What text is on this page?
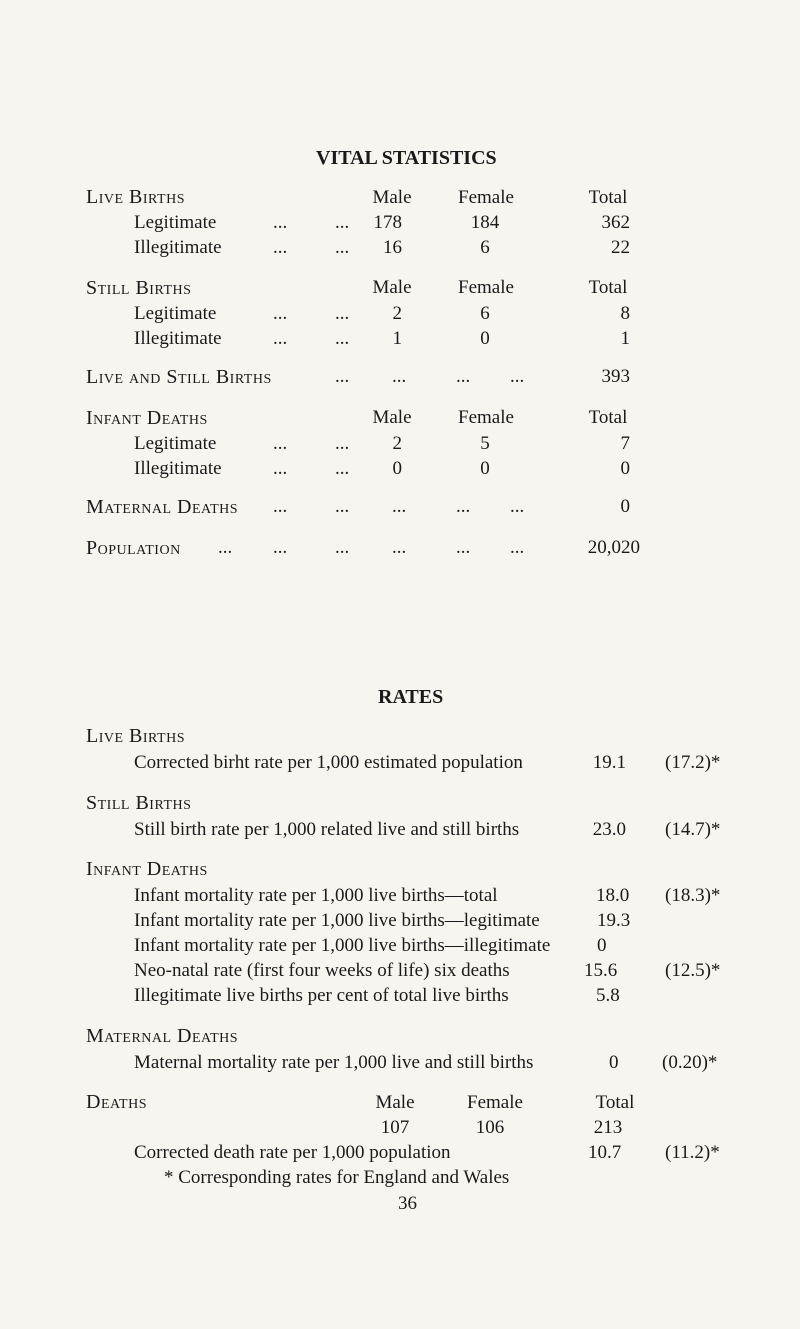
VITAL STATISTICS
Live Births	Male	Female	Total
Legitimate	...	...	178	184	362
Illegitimate	...	...	16	6	22
Still Births	Male	Female	Total
Legitimate	...	...	2	6	8
Illegitimate	...	...	1	0	1
Live and Still Births	... ...	... ...	393
Infant Deaths	Male	Female	Total
Legitimate	...	...	2	5	7
Illegitimate	...	...	0	0	0
Maternal Deaths ...	... ...	... ...	0
Population ... ...	... ...	... ...	20,020
RATES
Live Births
Corrected birht rate per 1,000 estimated population	19.1 (17.2)*
Still Births
Still birth rate per 1,000 related live and still births	23.0 (14.7)*
Infant Deaths
Infant mortality rate per 1,000 live births—total	18.0 (18.3)*
Infant mortality rate per 1,000 live births—legitimate	19.3
Infant mortality rate per 1,000 live births—illegitimate 0
Neo-natal rate (first four weeks of life) six deaths	15.6	(12.5)*
Illegitimate live births per cent of total live births	5.8
Maternal Deaths
Maternal mortality rate per 1,000 live and still births	0 (0.20)*
Deaths	Male	Female	Total
107	106	213
Corrected death rate per 1,000 population	10.7 (11.2)*
* Corresponding rates for England and Wales
36
